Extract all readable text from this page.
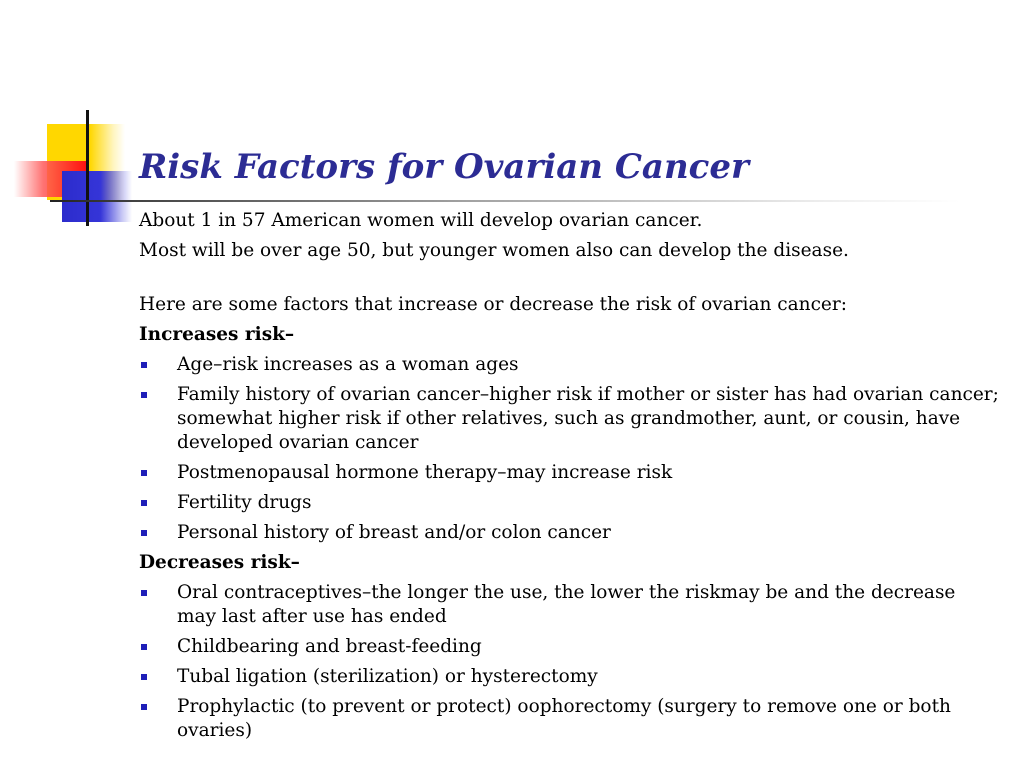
Risk Factors for Ovarian Cancer

About 1 in 57 American women will develop ovarian cancer.

Most will be over age 50, but younger women also can develop the disease.

Here are some factors that increase or decrease the risk of ovarian cancer:

Increases risk–

Age–risk increases as a woman ages
Family history of ovarian cancer–higher risk if mother or sister has had ovarian cancer; somewhat higher risk if other relatives, such as grandmother, aunt, or cousin, have developed ovarian cancer
Postmenopausal hormone therapy–may increase risk
Fertility drugs
Personal history of breast and/or colon cancer

Decreases risk–

Oral contraceptives–the longer the use, the lower the riskmay be and the decrease may last after use has ended
Childbearing and breast-feeding
Tubal ligation (sterilization) or hysterectomy
Prophylactic (to prevent or protect) oophorectomy (surgery to remove one or both ovaries)
